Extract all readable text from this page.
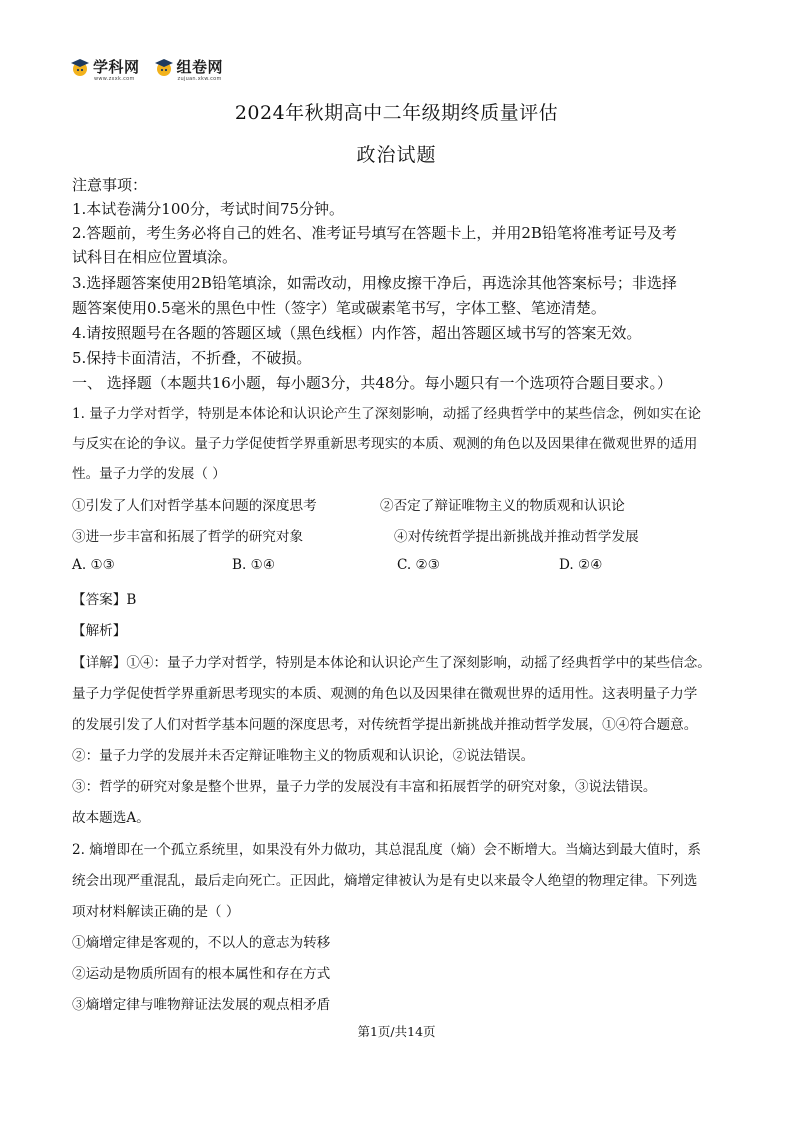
学科网
www.zxxk.com
组卷网
zujuan.xkw.com
2024年秋期高中二年级期终质量评估
政治试题
注意事项：
1.本试卷满分100分，考试时间75分钟。
2.答题前，考生务必将自己的姓名、准考证号填写在答题卡上，并用2B铅笔将准考证号及考
试科目在相应位置填涂。
3.选择题答案使用2B铅笔填涂，如需改动，用橡皮擦干净后，再选涂其他答案标号；非选择
题答案使用0.5毫米的黑色中性（签字）笔或碳素笔书写，字体工整、笔迹清楚。
4.请按照题号在各题的答题区域（黑色线框）内作答，超出答题区域书写的答案无效。
5.保持卡面清洁，不折叠，不破损。
一、 选择题（本题共16小题，每小题3分，共48分。每小题只有一个选项符合题目要求。）
1. 量子力学对哲学，特别是本体论和认识论产生了深刻影响，动摇了经典哲学中的某些信念，例如实在论
与反实在论的争议。量子力学促使哲学界重新思考现实的本质、观测的角色以及因果律在微观世界的适用
性。量子力学的发展（ ）
①引发了人们对哲学基本问题的深度思考	②否定了辩证唯物主义的物质观和认识论
③进一步丰富和拓展了哲学的研究对象	④对传统哲学提出新挑战并推动哲学发展
A. ①③	B. ①④	C. ②③	D. ②④
【答案】B
【解析】
【详解】①④：量子力学对哲学，特别是本体论和认识论产生了深刻影响，动摇了经典哲学中的某些信念。
量子力学促使哲学界重新思考现实的本质、观测的角色以及因果律在微观世界的适用性。这表明量子力学
的发展引发了人们对哲学基本问题的深度思考，对传统哲学提出新挑战并推动哲学发展，①④符合题意。
②：量子力学的发展并未否定辩证唯物主义的物质观和认识论，②说法错误。
③：哲学的研究对象是整个世界，量子力学的发展没有丰富和拓展哲学的研究对象，③说法错误。
故本题选A。
2. 熵增即在一个孤立系统里，如果没有外力做功，其总混乱度（熵）会不断增大。当熵达到最大值时，系
统会出现严重混乱，最后走向死亡。正因此，熵增定律被认为是有史以来最令人绝望的物理定律。下列选
项对材料解读正确的是（ ）
①熵增定律是客观的，不以人的意志为转移
②运动是物质所固有的根本属性和存在方式
③熵增定律与唯物辩证法发展的观点相矛盾
第1页/共14页
